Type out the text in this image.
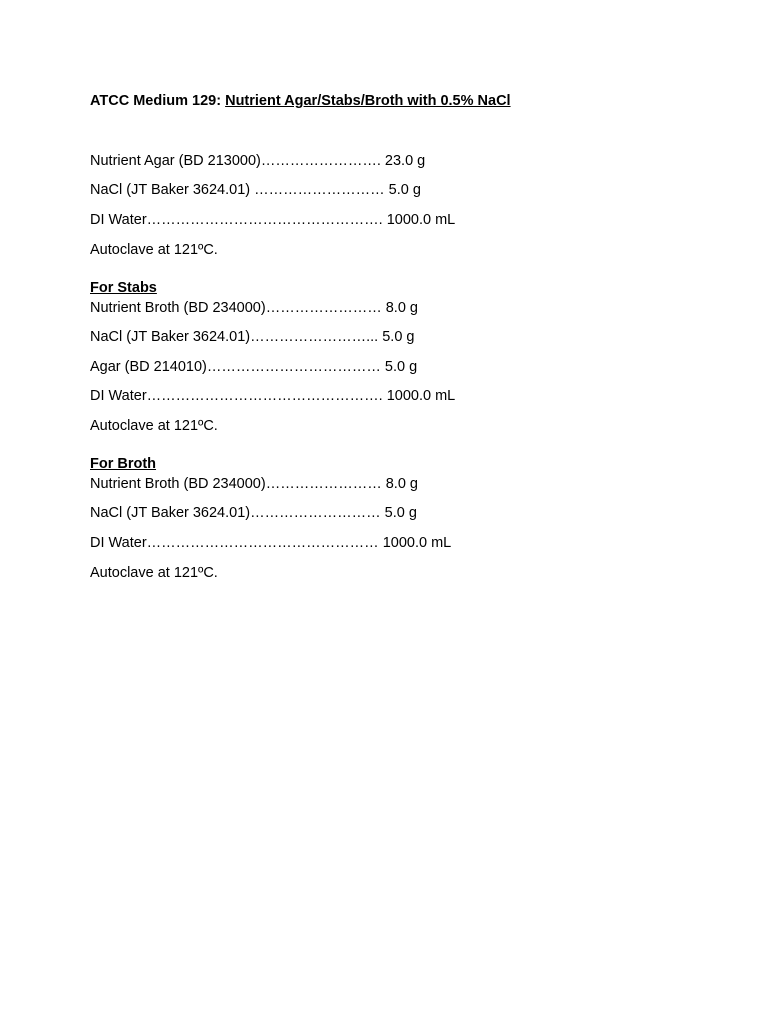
ATCC Medium 129: Nutrient Agar/Stabs/Broth with 0.5% NaCl
Nutrient Agar (BD 213000)……………………. 23.0 g
NaCl (JT Baker 3624.01) ……………………… 5.0 g
DI Water…………………………………………. 1000.0 mL
Autoclave at 121ºC.
For Stabs
Nutrient Broth (BD 234000)…………………… 8.0 g
NaCl (JT Baker 3624.01)……………………... 5.0 g
Agar (BD 214010)……………………………… 5.0 g
DI Water…………………………………………. 1000.0 mL
Autoclave at 121ºC.
For Broth
Nutrient Broth (BD 234000)…………………… 8.0 g
NaCl (JT Baker 3624.01)……………………… 5.0 g
DI Water………………………………………… 1000.0 mL
Autoclave at 121ºC.
